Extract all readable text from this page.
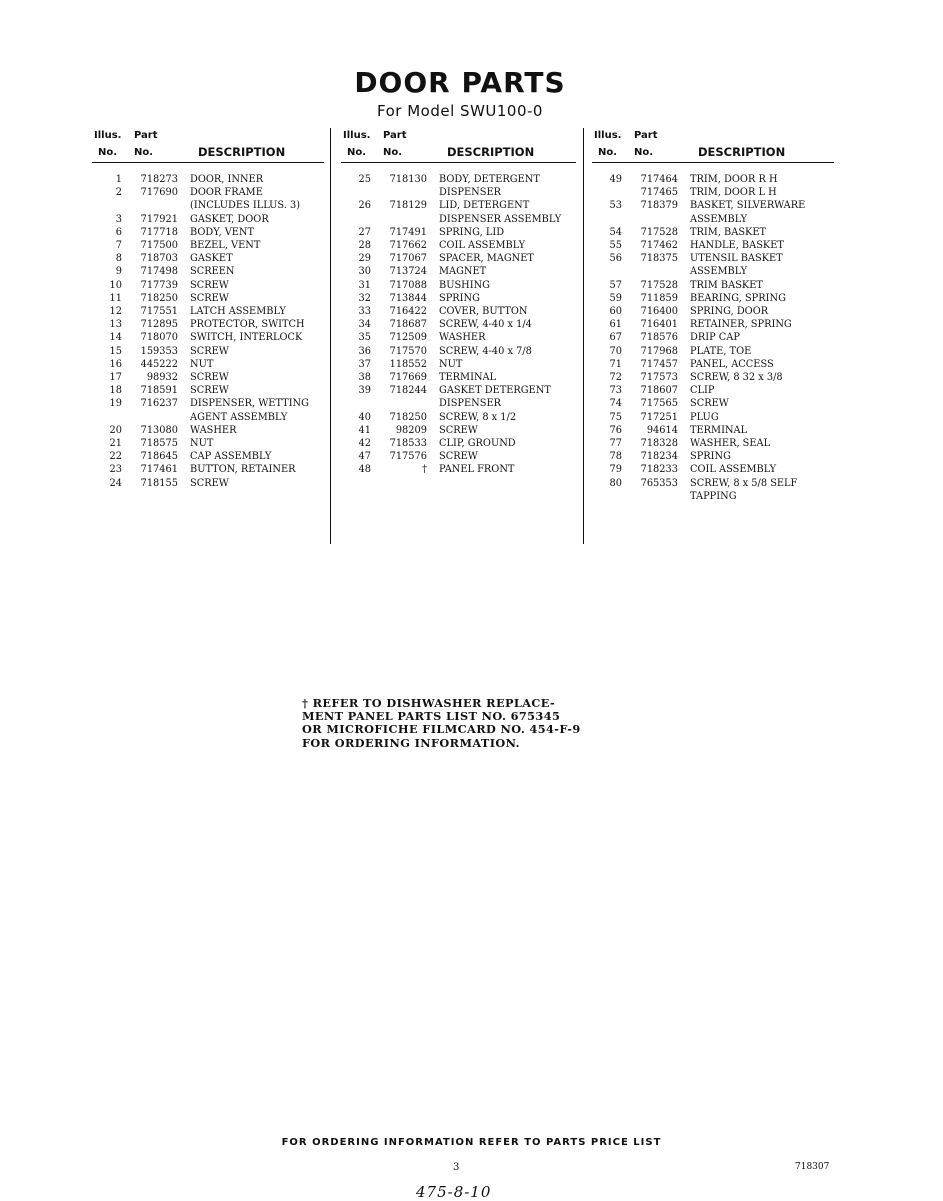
DOOR PARTS
For Model SWU100-0
Illus. Part
No. No.	DESCRIPTION
1	718273	DOOR, INNER
2	717690	DOOR FRAME
(INCLUDES ILLUS. 3)
3	717921	GASKET, DOOR
6	717718	BODY, VENT
7	717500	BEZEL, VENT
8	718703	GASKET
9	717498	SCREEN
10	717739	SCREW
11	718250	SCREW
12	717551	LATCH ASSEMBLY
13	712895	PROTECTOR, SWITCH
14	718070	SWITCH, INTERLOCK
15	159353	SCREW
16	445222	NUT
17	98932	SCREW
18	718591	SCREW
19	716237	DISPENSER, WETTING
AGENT ASSEMBLY
20	713080	WASHER
21	718575	NUT
22	718645	CAP ASSEMBLY
23	717461	BUTTON, RETAINER
24	718155	SCREW
Illus. Part
No. No.	DESCRIPTION
25	718130	BODY, DETERGENT
DISPENSER
26	718129	LID, DETERGENT
DISPENSER ASSEMBLY
27	717491	SPRING, LID
28	717662	COIL ASSEMBLY
29	717067	SPACER, MAGNET
30	713724	MAGNET
31	717088	BUSHING
32	713844	SPRING
33	716422	COVER, BUTTON
34	718687	SCREW, 4-40 x 1/4
35	712509	WASHER
36	717570	SCREW, 4-40 x 7/8
37	118552	NUT
38	717669	TERMINAL
39	718244	GASKET DETERGENT
DISPENSER
40	718250	SCREW, 8 x 1/2
41	98209	SCREW
42	718533	CLIP, GROUND
47	717576	SCREW
48	†	PANEL FRONT
Illus. Part
No. No.	DESCRIPTION
49	717464	TRIM, DOOR R H
717465	TRIM, DOOR L H
53	718379	BASKET, SILVERWARE
ASSEMBLY
54	717528	TRIM, BASKET
55	717462	HANDLE, BASKET
56	718375	UTENSIL BASKET
ASSEMBLY
57	717528	TRIM BASKET
59	711859	BEARING, SPRING
60	716400	SPRING, DOOR
61	716401	RETAINER, SPRING
67	718576	DRIP CAP
70	717968	PLATE, TOE
71	717457	PANEL, ACCESS
72	717573	SCREW, 8 32 x 3/8
73	718607	CLIP
74	717565	SCREW
75	717251	PLUG
76	94614	TERMINAL
77	718328	WASHER, SEAL
78	718234	SPRING
79	718233	COIL ASSEMBLY
80	765353	SCREW, 8 x 5/8 SELF
TAPPING
† REFER TO DISHWASHER REPLACE-
MENT PANEL PARTS LIST NO. 675345
OR MICROFICHE FILMCARD NO. 454-F-9
FOR ORDERING INFORMATION.
FOR ORDERING INFORMATION REFER TO PARTS PRICE LIST
3	718307
475-8-10
